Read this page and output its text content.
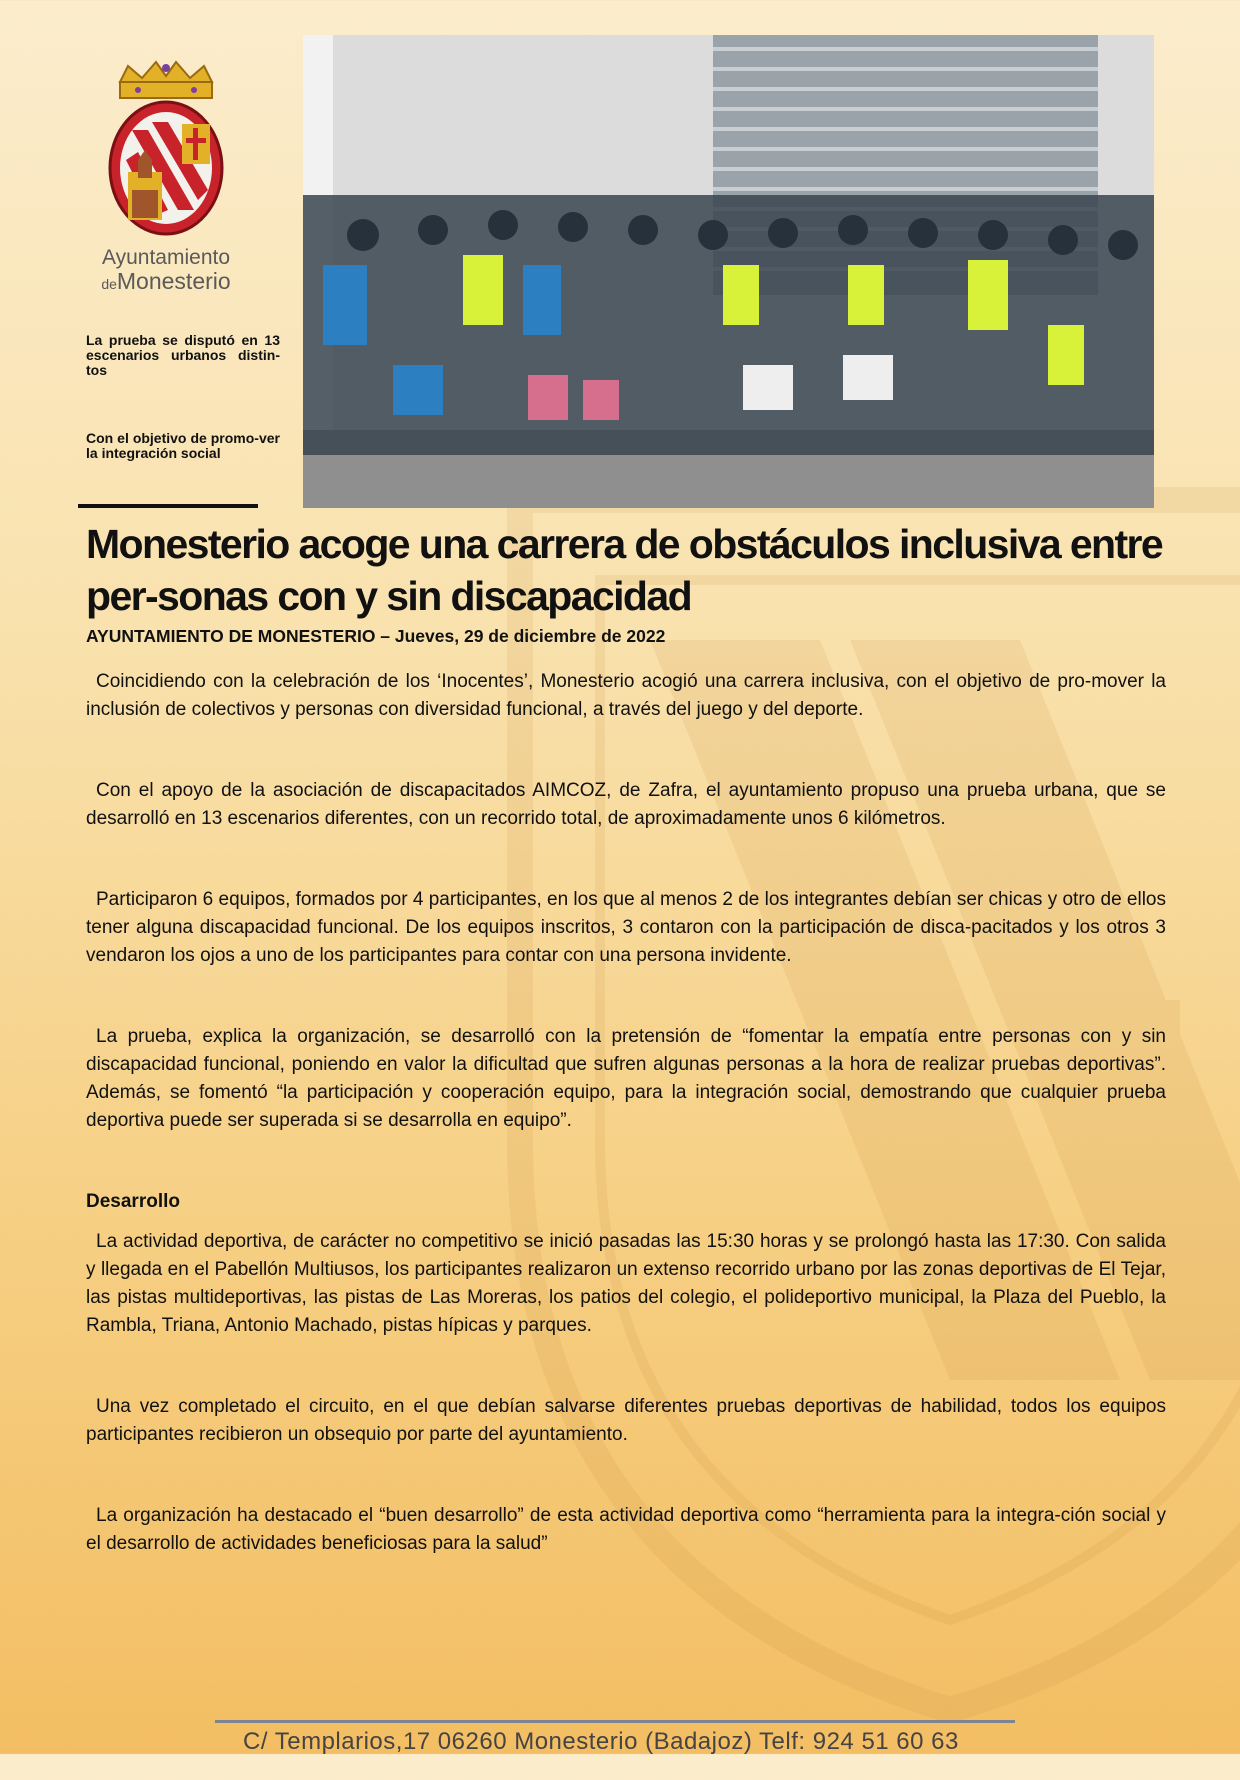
Ayuntamiento
deMonesterio
La prueba se disputó en 13 escenarios urbanos distin-tos
Con el objetivo de promo-ver la integración social
Monesterio acoge una carrera de obstáculos inclusiva entre per-sonas con y sin discapacidad
AYUNTAMIENTO DE MONESTERIO – Jueves, 29 de diciembre de 2022

Coincidiendo con la celebración de los ‘Inocentes’, Monesterio acogió una carrera inclusiva, con el objetivo de pro-mover la inclusión de colectivos y personas con diversidad funcional, a través del juego y del deporte.

Con el apoyo de la asociación de discapacitados AIMCOZ, de Zafra, el ayuntamiento propuso una prueba urbana, que se desarrolló en 13 escenarios diferentes, con un recorrido total, de aproximadamente unos 6 kilómetros.

Participaron 6 equipos, formados por 4 participantes, en los que al menos 2 de los integrantes debían ser chicas y otro de ellos tener alguna discapacidad funcional. De los equipos inscritos, 3 contaron con la participación de disca-pacitados y los otros 3 vendaron los ojos a uno de los participantes para contar con una persona invidente.

La prueba, explica la organización, se desarrolló con la pretensión de “fomentar la empatía entre personas con y sin discapacidad funcional, poniendo en valor la dificultad que sufren algunas personas a la hora de realizar pruebas deportivas”. Además, se fomentó “la participación y cooperación equipo, para la integración social, demostrando que cualquier prueba deportiva puede ser superada si se desarrolla en equipo”.

Desarrollo

La actividad deportiva, de carácter no competitivo se inició pasadas las 15:30 horas y se prolongó hasta las 17:30. Con salida y llegada en el Pabellón Multiusos, los participantes realizaron un extenso recorrido urbano por las zonas deportivas de El Tejar, las pistas multideportivas, las pistas de Las Moreras, los patios del colegio, el polideportivo municipal, la Plaza del Pueblo, la Rambla, Triana, Antonio Machado, pistas hípicas y parques.

Una vez completado el circuito, en el que debían salvarse diferentes pruebas deportivas de habilidad, todos los equipos participantes recibieron un obsequio por parte del ayuntamiento.

La organización ha destacado el “buen desarrollo” de esta actividad deportiva como “herramienta para la integra-ción social y el desarrollo de actividades beneficiosas para la salud”

C/ Templarios,17 06260 Monesterio (Badajoz) Telf: 924 51 60 63
